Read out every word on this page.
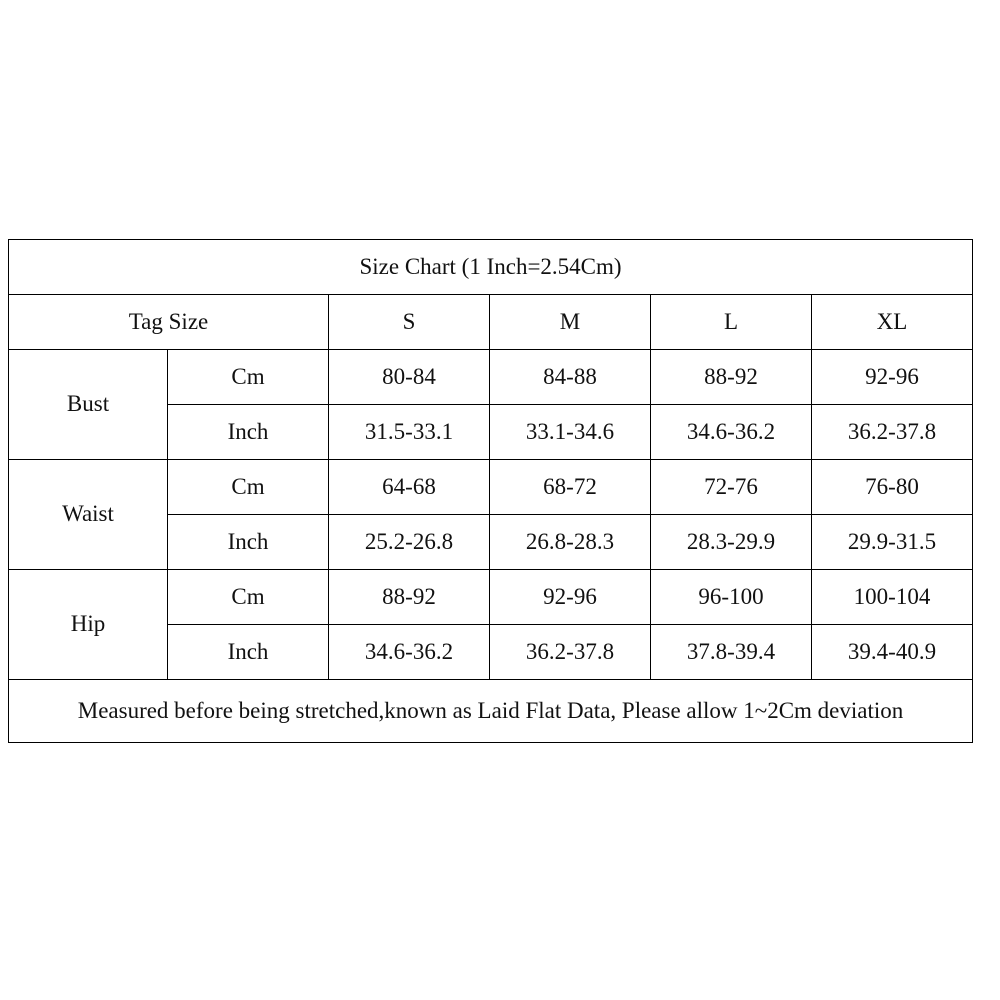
Size Chart (1 Inch=2.54Cm)					
Tag Size		S	M	L	XL
Bust	Cm	80-84	84-88	88-92	92-96
	Inch	31.5-33.1	33.1-34.6	34.6-36.2	36.2-37.8
Waist	Cm	64-68	68-72	72-76	76-80
	Inch	25.2-26.8	26.8-28.3	28.3-29.9	29.9-31.5
Hip	Cm	88-92	92-96	96-100	100-104
	Inch	34.6-36.2	36.2-37.8	37.8-39.4	39.4-40.9
Measured before being stretched,known as Laid Flat Data, Please allow 1~2Cm deviation					
